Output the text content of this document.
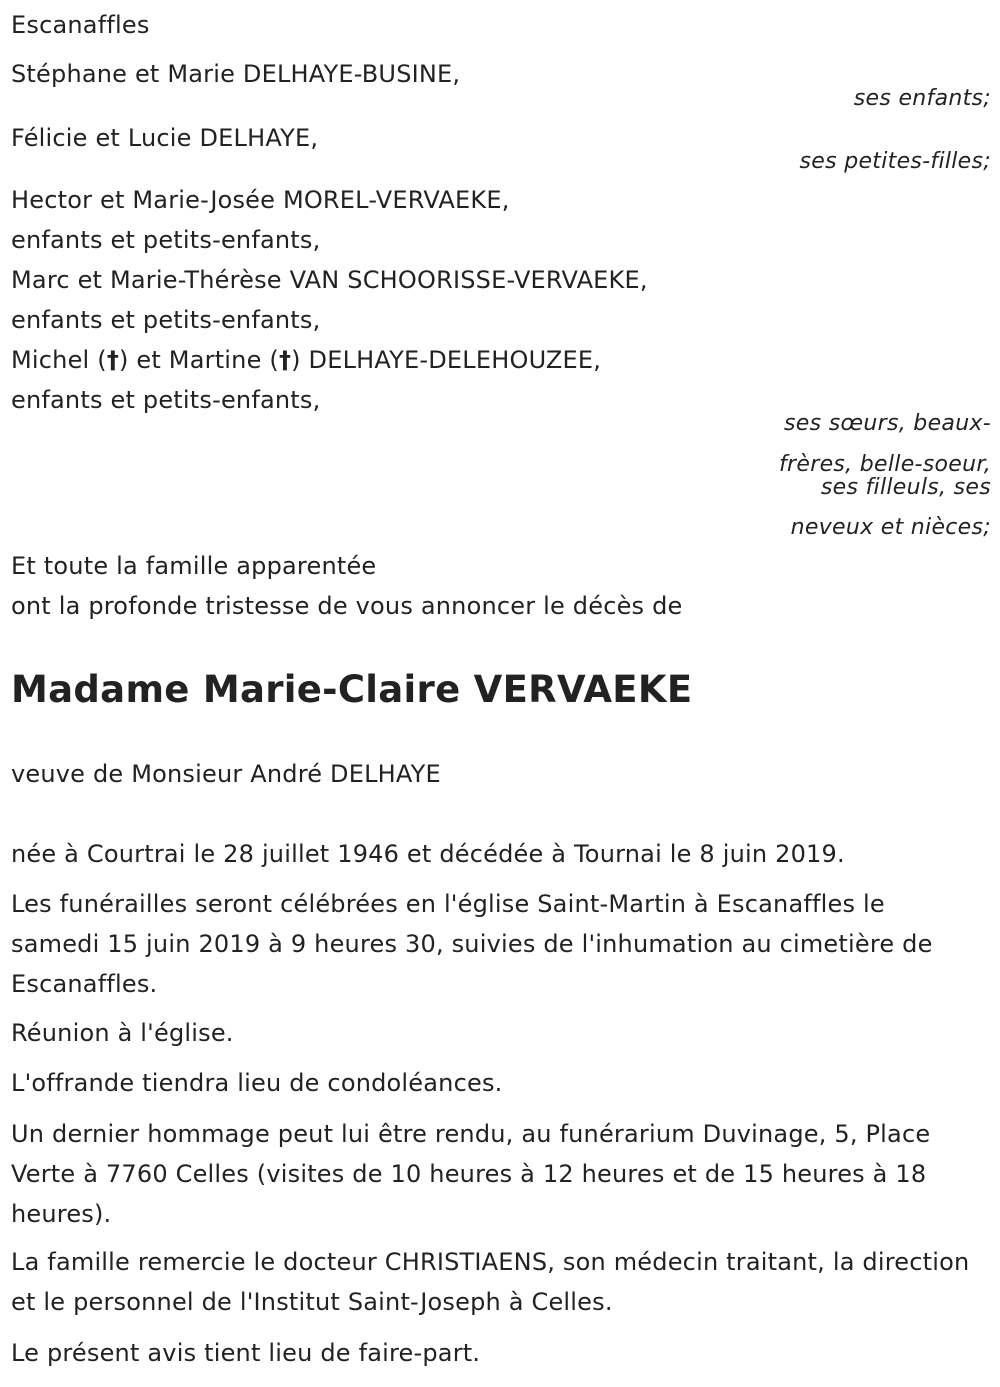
Escanaffles
Stéphane et Marie DELHAYE-BUSINE,
ses enfants;
Félicie et Lucie DELHAYE,
ses petites-filles;
Hector et Marie-Josée MOREL-VERVAEKE,
enfants et petits-enfants,
Marc et Marie-Thérèse VAN SCHOORISSE-VERVAEKE,
enfants et petits-enfants,
Michel (†) et Martine (†) DELHAYE-DELEHOUZEE,
enfants et petits-enfants,
ses sœurs, beaux-
frères, belle-soeur,
ses filleuls, ses
neveux et nièces;
Et toute la famille apparentée
ont la profonde tristesse de vous annoncer le décès de
Madame Marie-Claire VERVAEKE
veuve de Monsieur André DELHAYE
née à Courtrai le 28 juillet 1946 et décédée à Tournai le 8 juin 2019.
Les funérailles seront célébrées en l'église Saint-Martin à Escanaffles le samedi 15 juin 2019 à 9 heures 30, suivies de l'inhumation au cimetière de Escanaffles.
Réunion à l'église.
L'offrande tiendra lieu de condoléances.
Un dernier hommage peut lui être rendu, au funérarium Duvinage, 5, Place Verte à 7760 Celles (visites de 10 heures à 12 heures et de 15 heures à 18 heures).
La famille remercie le docteur CHRISTIAENS, son médecin traitant, la direction et le personnel de l'Institut Saint-Joseph à Celles.
Le présent avis tient lieu de faire-part.
